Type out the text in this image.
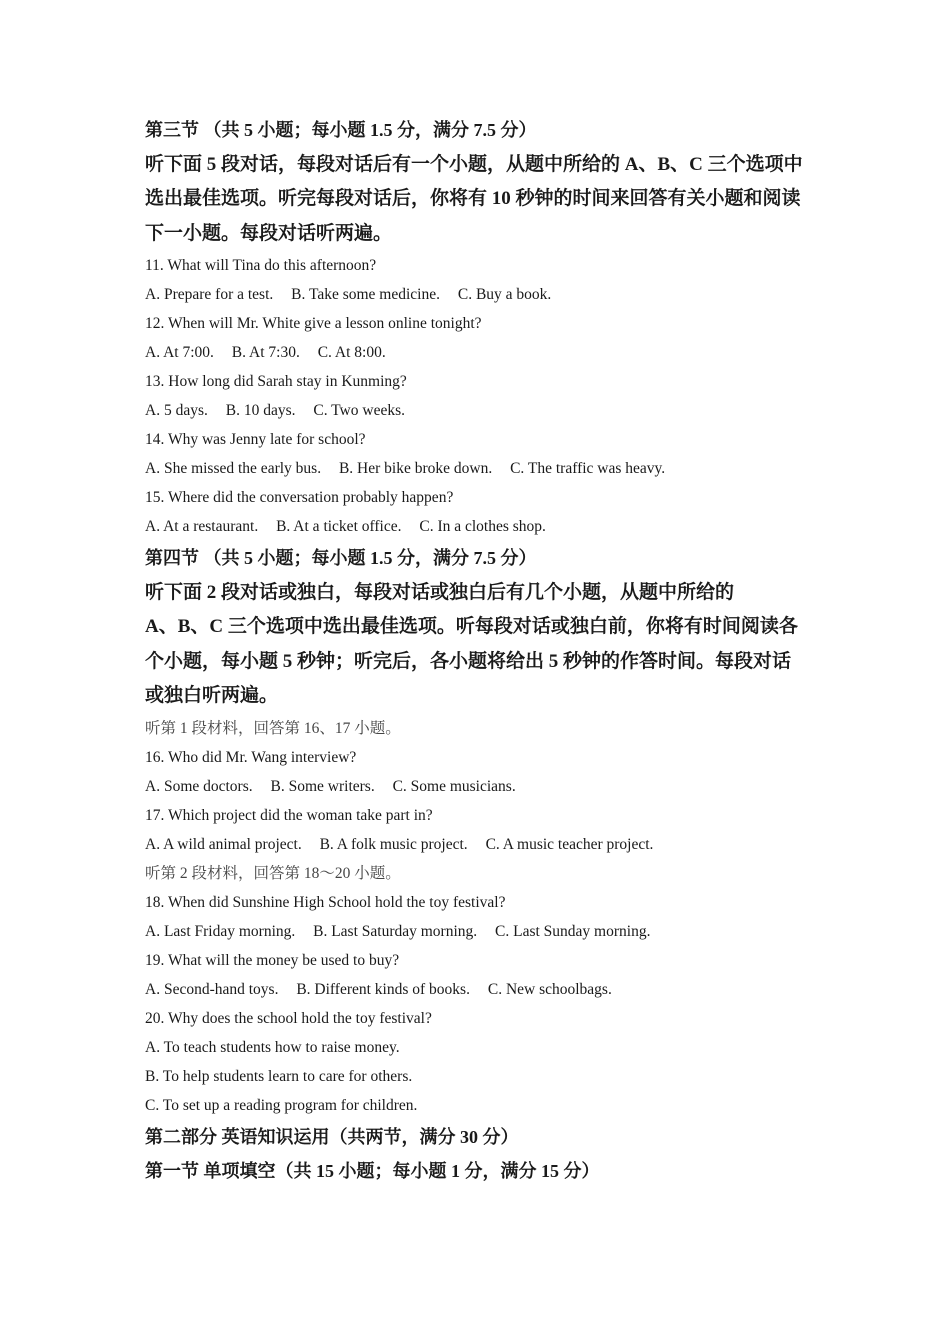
第三节 （共 5 小题；每小题 1.5 分，满分 7.5 分）

听下面 5 段对话，每段对话后有一个小题，从题中所给的 A、B、C 三个选项中

选出最佳选项。听完每段对话后，你将有 10 秒钟的时间来回答有关小题和阅读

下一小题。每段对话听两遍。

11. What will Tina do this afternoon?

A. Prepare for a test. B. Take some medicine. C. Buy a book.

12. When will Mr. White give a lesson online tonight?

A. At 7:00. B. At 7:30. C. At 8:00.

13. How long did Sarah stay in Kunming?

A. 5 days. B. 10 days. C. Two weeks.

14. Why was Jenny late for school?

A. She missed the early bus. B. Her bike broke down. C. The traffic was heavy.

15. Where did the conversation probably happen?

A. At a restaurant. B. At a ticket office. C. In a clothes shop.

第四节 （共 5 小题；每小题 1.5 分，满分 7.5 分）

听下面 2 段对话或独白，每段对话或独白后有几个小题，从题中所给的

A、B、C 三个选项中选出最佳选项。听每段对话或独白前，你将有时间阅读各

个小题，每小题 5 秒钟；听完后，各小题将给出 5 秒钟的作答时间。每段对话

或独白听两遍。

听第 1 段材料，回答第 16、17 小题。

16. Who did Mr. Wang interview?

A. Some doctors. B. Some writers. C. Some musicians.

17. Which project did the woman take part in?

A. A wild animal project. B. A folk music project. C. A music teacher project.

听第 2 段材料，回答第 18～20 小题。

18. When did Sunshine High School hold the toy festival?

A. Last Friday morning. B. Last Saturday morning. C. Last Sunday morning.

19. What will the money be used to buy?

A. Second-hand toys. B. Different kinds of books. C. New schoolbags.

20. Why does the school hold the toy festival?

A. To teach students how to raise money.

B. To help students learn to care for others.

C. To set up a reading program for children.

第二部分 英语知识运用（共两节，满分 30 分）

第一节 单项填空（共 15 小题；每小题 1 分，满分 15 分）
